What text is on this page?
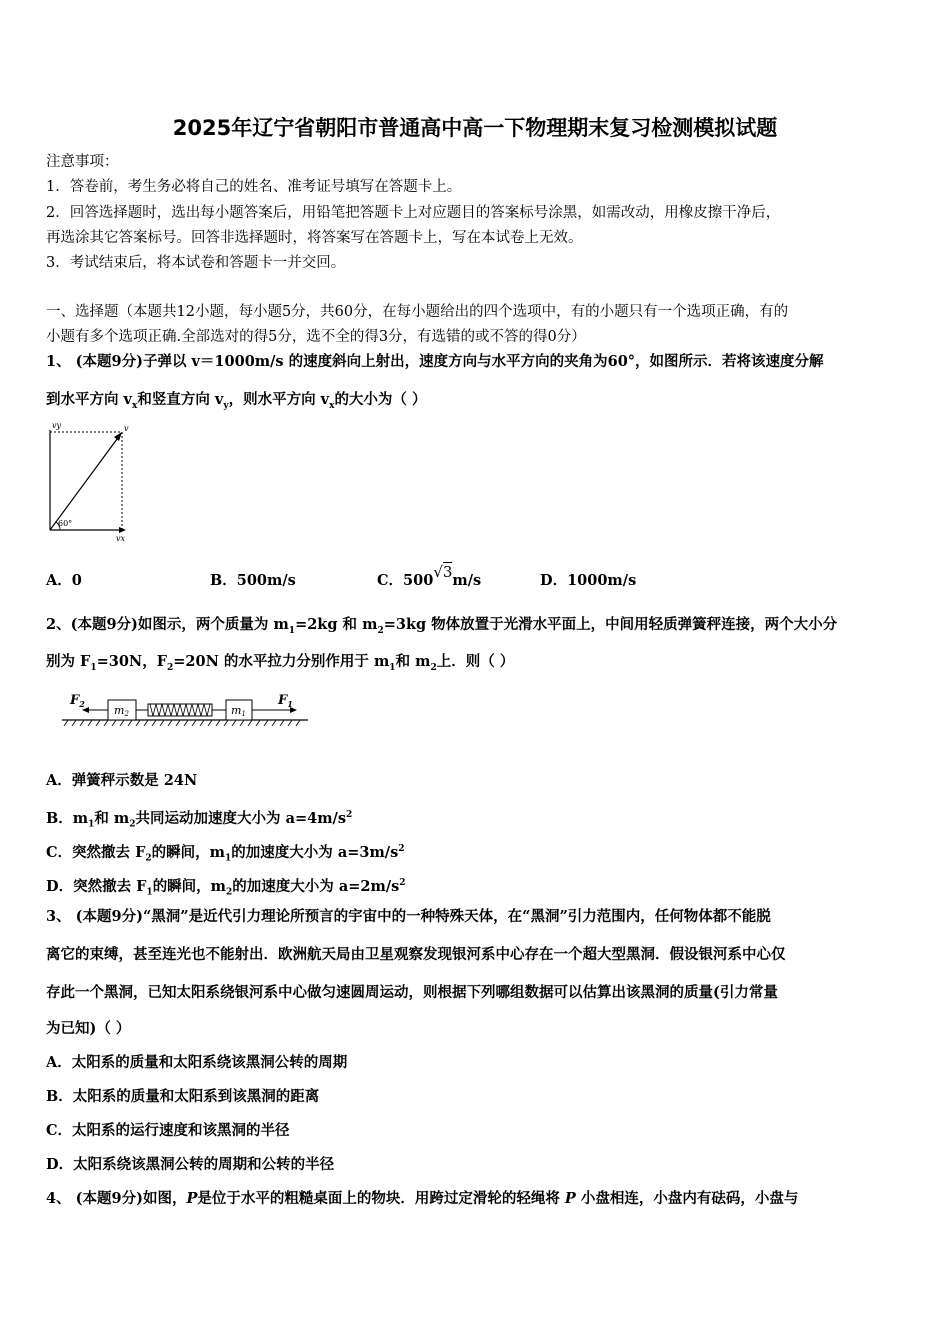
2025年辽宁省朝阳市普通高中高一下物理期末复习检测模拟试题
注意事项：
1．答卷前，考生务必将自己的姓名、准考证号填写在答题卡上。
2．回答选择题时，选出每小题答案后，用铅笔把答题卡上对应题目的答案标号涂黑，如需改动，用橡皮擦干净后，
再选涂其它答案标号。回答非选择题时，将答案写在答题卡上，写在本试卷上无效。
3．考试结束后，将本试卷和答题卡一并交回。
一、选择题（本题共12小题，每小题5分，共60分，在每小题给出的四个选项中，有的小题只有一个选项正确，有的
小题有多个选项正确.全部选对的得5分，选不全的得3分，有选错的或不答的得0分）
1、 (本题9分)子弹以 v＝1000m/s 的速度斜向上射出，速度方向与水平方向的夹角为60°，如图所示．若将该速度分解
到水平方向 $v_x$和竖直方向 $v_y$，则水平方向 $v_x$的大小为（ ）
vy	v
60°
vx
A．0	B．500m/s	C．500√3m/s	D．1000m/s
2、(本题9分)如图示，两个质量为 $m_1=2kg$ 和 $m_2=3kg$ 物体放置于光滑水平面上，中间用轻质弹簧秤连接，两个大小分
别为 $F_1=30N$，$F_2=20N$ 的水平拉力分别作用于 $m_1$和 $m_2$上．则（ ）
$F_2$	m2	m1
$F_1$
A．弹簧秤示数是 24N
B．$m_1$和 $m_2$共同运动加速度大小为 $a=4m/s^2$
C．突然撤去 $F_2$的瞬间，$m_1$的加速度大小为 $a=3m/s^2$
D．突然撤去 $F_1$的瞬间，$m_2$的加速度大小为 $a=2m/s^2$
3、 (本题9分)“黑洞”是近代引力理论所预言的宇宙中的一种特殊天体，在“黑洞”引力范围内，任何物体都不能脱
离它的束缚，甚至连光也不能射出．欧洲航天局由卫星观察发现银河系中心存在一个超大型黑洞．假设银河系中心仅
存此一个黑洞，已知太阳系绕银河系中心做匀速圆周运动，则根据下列哪组数据可以估算出该黑洞的质量(引力常量
为已知)（ ）
A．太阳系的质量和太阳系绕该黑洞公转的周期
B．太阳系的质量和太阳系到该黑洞的距离
C．太阳系的运行速度和该黑洞的半径
D．太阳系绕该黑洞公转的周期和公转的半径
4、 (本题9分)如图，P是位于水平的粗糙桌面上的物块．用跨过定滑轮的轻绳将 P 小盘相连，小盘内有砝码，小盘与
